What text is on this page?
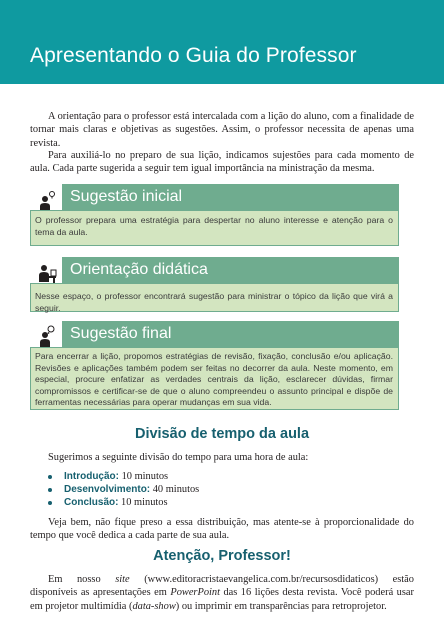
Apresentando o Guia do Professor

A orientação para o professor está intercalada com a lição do aluno, com a finalidade de tornar mais claras e objetivas as sugestões. Assim, o professor necessita de apenas uma revista.

Para auxiliá-lo no preparo de sua lição, indicamos sujestões para cada momento de aula. Cada parte sugerida a seguir tem igual importância na ministração da mesma.

Sugestão inicial
O professor prepara uma estratégia para despertar no aluno interesse e atenção para o tema da aula.
Orientação didática
Nesse espaço, o professor encontrará sugestão para ministrar o tópico da lição que virá a seguir.
Sugestão final
Para encerrar a lição, propomos estratégias de revisão, fixação, conclusão e/ou aplicação. Revisões e aplicações também podem ser feitas no decorrer da aula. Neste momento, em especial, procure enfatizar as verdades centrais da lição, esclarecer dúvidas, firmar compromissos e certificar-se de que o aluno compreendeu o assunto principal e dispõe de ferramentas necessárias para operar mudanças em sua vida.
Divisão de tempo da aula

Sugerimos a seguinte divisão do tempo para uma hora de aula:

Introdução: 10 minutos
Desenvolvimento: 40 minutos
Conclusão: 10 minutos

Veja bem, não fique preso a essa distribuição, mas atente-se à proporcionalidade do tempo que você dedica a cada parte de sua aula.

Atenção, Professor!

Em nosso site (www.editoracristaevangelica.com.br/recursosdidaticos) estão disponíveis as apresentações em PowerPoint das 16 lições desta revista. Você poderá usar em projetor multimídia (data-show) ou imprimir em transparências para retroprojetor.
